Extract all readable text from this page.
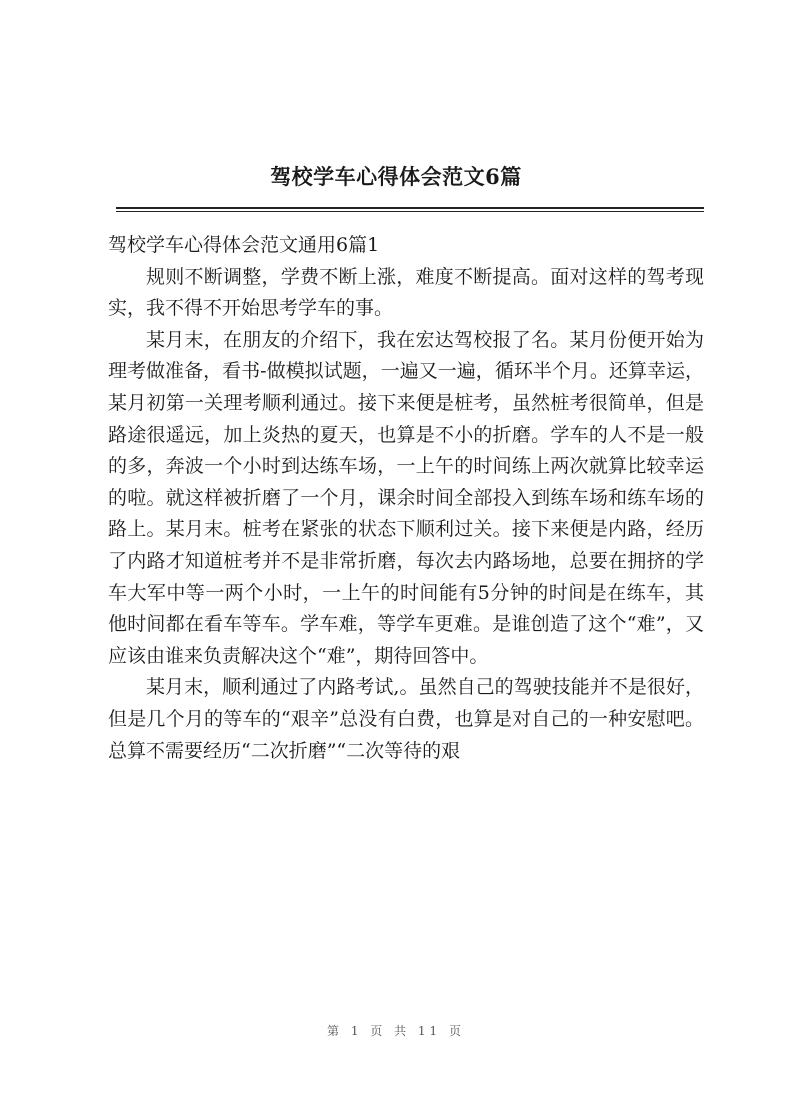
驾校学车心得体会范文6篇

驾校学车心得体会范文通用6篇1

规则不断调整，学费不断上涨，难度不断提高。面对这样的驾考现实，我不得不开始思考学车的事。

某月末，在朋友的介绍下，我在宏达驾校报了名。某月份便开始为理考做准备，看书-做模拟试题，一遍又一遍，循环半个月。还算幸运，某月初第一关理考顺利通过。接下来便是桩考，虽然桩考很简单，但是路途很遥远，加上炎热的夏天，也算是不小的折磨。学车的人不是一般的多，奔波一个小时到达练车场，一上午的时间练上两次就算比较幸运的啦。就这样被折磨了一个月，课余时间全部投入到练车场和练车场的路上。某月末。桩考在紧张的状态下顺利过关。接下来便是内路，经历了内路才知道桩考并不是非常折磨，每次去内路场地，总要在拥挤的学车大军中等一两个小时，一上午的时间能有5分钟的时间是在练车，其他时间都在看车等车。学车难，等学车更难。是谁创造了这个“难”，又应该由谁来负责解决这个“难”，期待回答中。

某月末，顺利通过了内路考试,。虽然自己的驾驶技能并不是很好，但是几个月的等车的“艰辛”总没有白费，也算是对自己的一种安慰吧。总算不需要经历“二次折磨”“二次等待的艰

第 1 页 共 11 页
